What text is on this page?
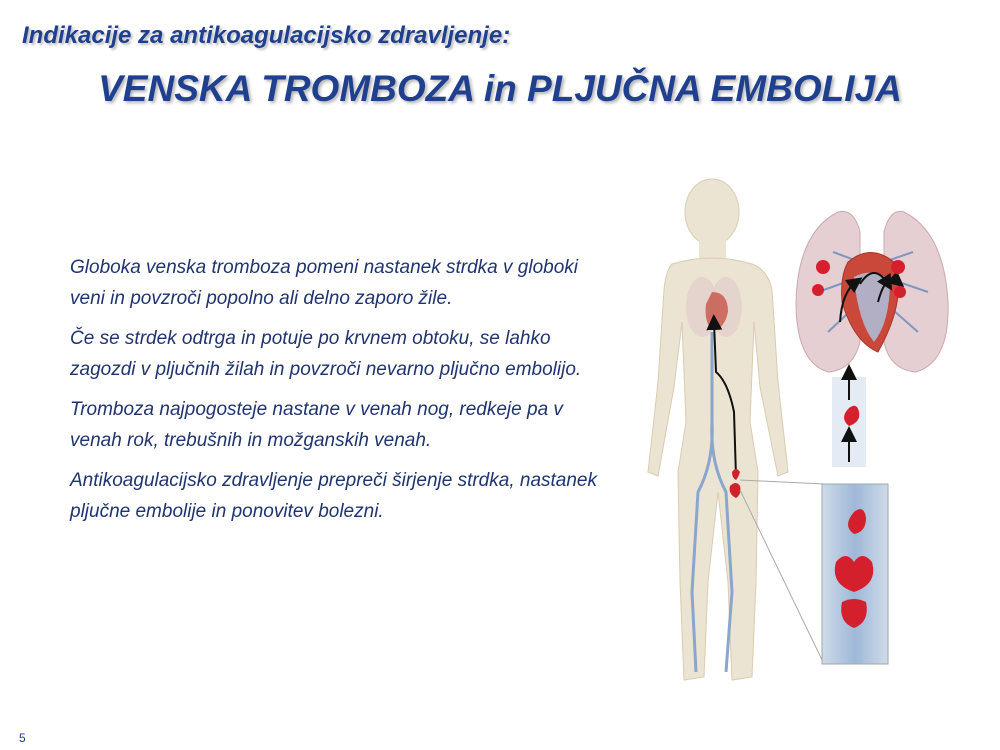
Indikacije za antikoagulacijsko zdravljenje:
VENSKA TROMBOZA in PLJUČNA EMBOLIJA

Globoka venska tromboza pomeni nastanek strdka v globoki veni in povzroči popolno ali delno zaporo žile.

Če se strdek odtrga in potuje po krvnem obtoku, se lahko zagozdi v pljučnih žilah in povzroči nevarno pljučno embolijo.

Tromboza najpogosteje nastane v venah nog, redkeje pa v venah rok, trebušnih in možganskih venah.

Antikoagulacijsko zdravljenje prepreči širjenje strdka, nastanek pljučne embolije in ponovitev bolezni.

5
